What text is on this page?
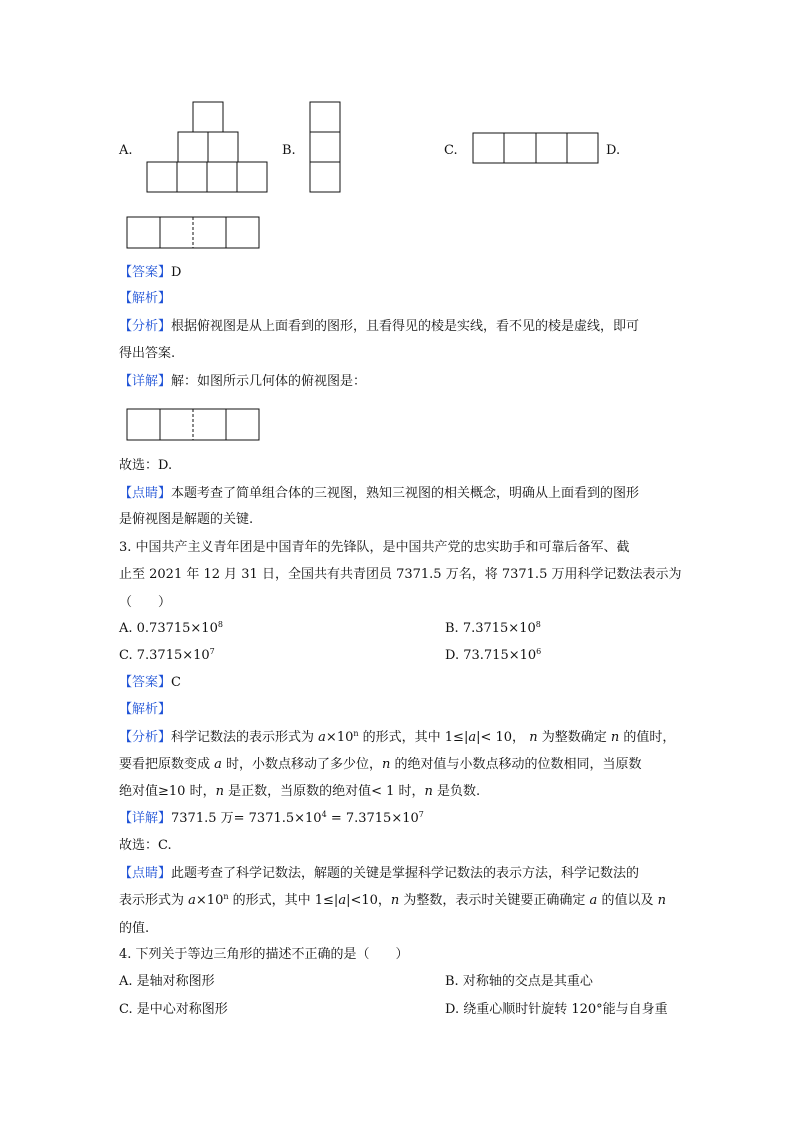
A.	B.	C.	D.
【答案】D
【解析】
【分析】根据俯视图是从上面看到的图形，且看得见的棱是实线，看不见的棱是虚线，即可
得出答案.
【详解】解：如图所示几何体的俯视图是：
故选：D.
【点睛】本题考查了简单组合体的三视图，熟知三视图的相关概念，明确从上面看到的图形
是俯视图是解题的关键.
3. 中国共产主义青年团是中国青年的先锋队，是中国共产党的忠实助手和可靠后备军、截
止至 2021 年 12 月 31 日，全国共有共青团员 7371.5 万名，将 7371.5 万用科学记数法表示为
（　　）
A. $0.73715\times 10^8$	B. $7.3715\times 10^8$
C. $7.3715\times 10^7$	D. $73.715\times 10^6$
【答案】C
【解析】
【分析】科学记数法的表示形式为 $a\times 10^n$ 的形式，其中 1≤|a|< 10， n 为整数确定 n 的值时，
要看把原数变成 a 时，小数点移动了多少位，n 的绝对值与小数点移动的位数相同，当原数
绝对值≥10 时，n 是正数，当原数的绝对值< 1 时，n 是负数.
【详解】7371.5 万= $7371.5\times 10^4 = 7.3715\times 10^7$
故选：C.
【点睛】此题考查了科学记数法，解题的关键是掌握科学记数法的表示方法，科学记数法的
表示形式为 $a\times 10^n$ 的形式，其中 1≤|a|<10，n 为整数，表示时关键要正确确定 a 的值以及 n
的值.
4. 下列关于等边三角形的描述不正确的是（　　）
A. 是轴对称图形	B. 对称轴的交点是其重心
C. 是中心对称图形	D. 绕重心顺时针旋转 120°能与自身重
